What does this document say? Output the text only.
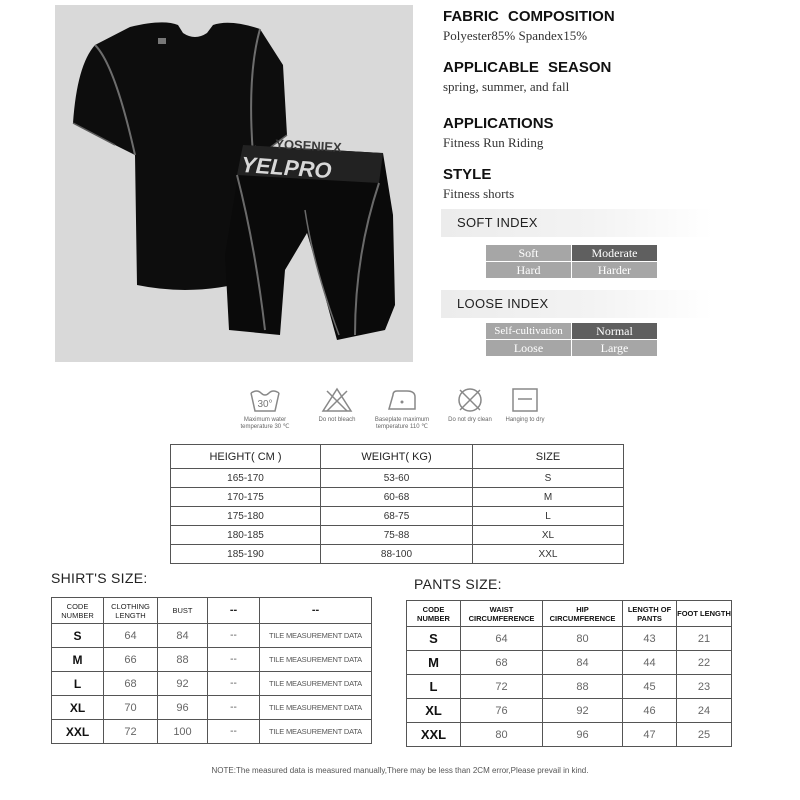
YOSENIEX
YELPRO
FABRIC COMPOSITION
Polyester85% Spandex15%
APPLICABLE SEASON
spring, summer, and fall
APPLICATIONS
Fitness Run Riding
STYLE
Fitness shorts
SOFT INDEX
Soft	Moderate
Hard	Harder
LOOSE INDEX
Self-cultivation	Normal
Loose	Large
30°
Maximum water temperature 30 ℃
Do not bleach	Baseplate maximum temperature 110 ℃
Do not dry clean	Hanging to dry
HEIGHT( CM )	WEIGHT( KG)	SIZE
165-170	53-60	S
170-175	60-68	M
175-180	68-75	L
180-185	75-88	XL
185-190	88-100	XXL
SHIRT'S SIZE:
CODE NUMBER	CLOTHING LENGTH	BUST	--	--
S	64	84	--	TILE MEASUREMENT DATA
M	66	88	--	TILE MEASUREMENT DATA
L	68	92	--	TILE MEASUREMENT DATA
XL	70	96	--	TILE MEASUREMENT DATA
XXL	72	100	--	TILE MEASUREMENT DATA
PANTS SIZE:
CODE NUMBER	WAIST CIRCUMFERENCE	HIP CIRCUMFERENCE	LENGTH OF PANTS	FOOT LENGTH
S	64	80	43	21
M	68	84	44	22
L	72	88	45	23
XL	76	92	46	24
XXL	80	96	47	25
NOTE:The measured data is measured manually,There may be less than 2CM error,Please prevail in kind.
